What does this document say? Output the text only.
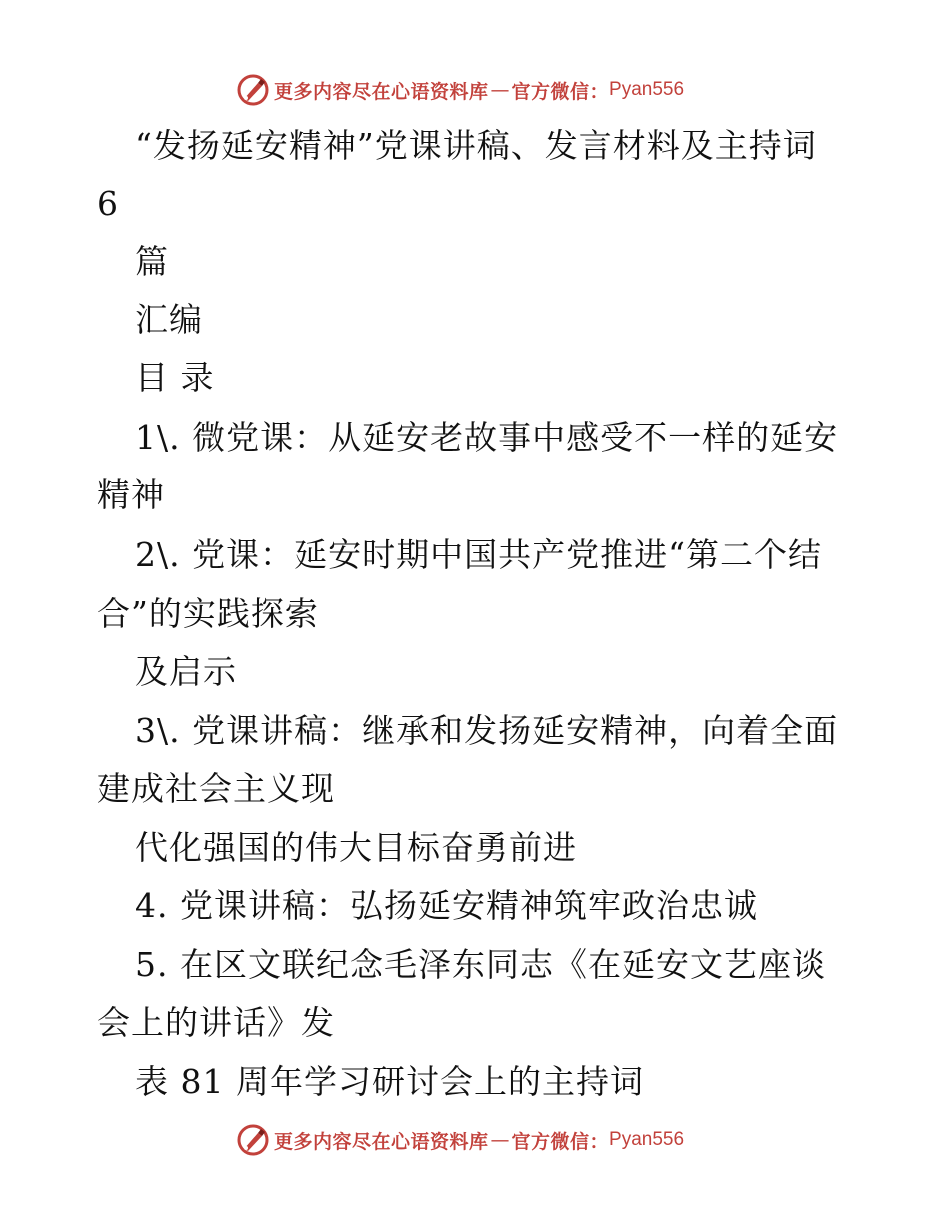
更多内容尽在心语资料库 — 官方微信： Pyan556
“发扬延安精神”党课讲稿、发言材料及主持词
6
篇
汇编
目 录
1\. 微党课：从延安老故事中感受不一样的延安
精神
2\. 党课：延安时期中国共产党推进“第二个结
合”的实践探索
及启示
3\. 党课讲稿：继承和发扬延安精神，向着全面
建成社会主义现
代化强国的伟大目标奋勇前进
4. 党课讲稿：弘扬延安精神筑牢政治忠诚
5. 在区文联纪念毛泽东同志《在延安文艺座谈
会上的讲话》发
表 81 周年学习研讨会上的主持词
更多内容尽在心语资料库 — 官方微信： Pyan556
